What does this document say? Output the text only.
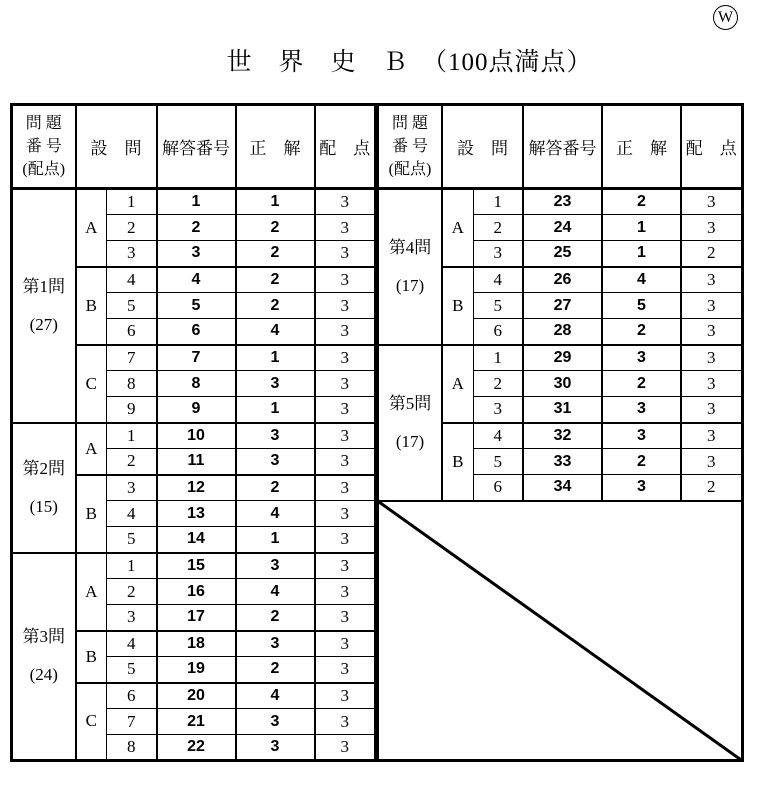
W
世　界　史　Ｂ　（100点満点）
問 題
番 号
(配点)	設　問		解答番号	正　解	配　点

第1問
(27)	A	1	1	1	3
		2	2	2	3
		3	3	2	3
	B	4	4	2	3
		5	5	2	3
		6	6	4	3
	C	7	7	1	3
		8	8	3	3
		9	9	1	3

第2問
(15)	A	1	10	3	3
		2	11	3	3
	B	3	12	2	3
		4	13	4	3
		5	14	1	3

第3問
(24)	A	1	15	3	3
		2	16	4	3
		3	17	2	3
	B	4	18	3	3
		5	19	2	3
	C	6	20	4	3
		7	21	3	3
		8	22	3	3
問 題
番 号
(配点)	設　問		解答番号	正　解	配　点

第4問
(17)	A	1	23	2	3
		2	24	1	3
		3	25	1	2
	B	4	26	4	3
		5	27	5	3
		6	28	2	3

第5問
(17)	A	1	29	3	3
		2	30	2	3
		3	31	3	3
	B	4	32	3	3
		5	33	2	3
		6	34	3	2
